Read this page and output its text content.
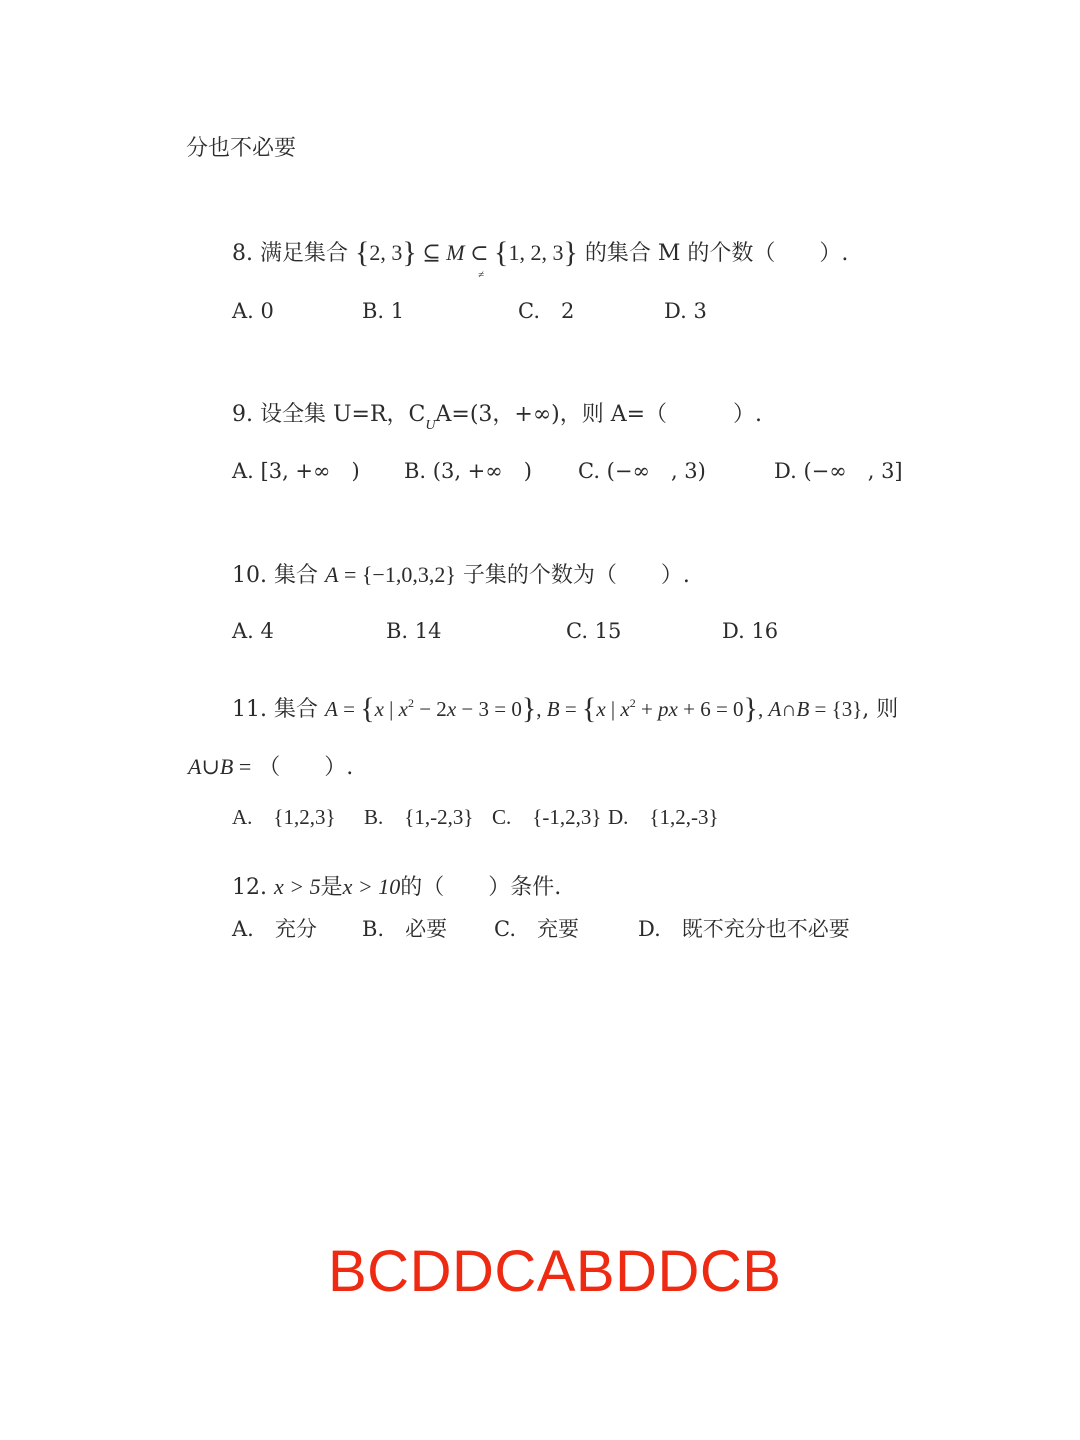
分也不必要
8. 满足集合 {2, 3} ⊆ M ⊂
≠
{1, 2, 3} 的集合 M 的个数（　　）.
A. 0	B. 1	C.　2	D. 3
9. 设全集 U=R，$C_UA=(3$，+∞)，则 A=（　　　）.
A. [3, +∞　) B. (3, +∞　) C. (−∞　, 3)	D. (−∞　, 3]
10. 集合 A = {−1,0,3,2} 子集的个数为（　　）.
A. 4	B. 14	C. 15	D. 16
11. 集合 A = {x | $x^2 - 2x - 3 = 0$}, B = {x | $x^2$ + px + 6 = 0}, A∩B = {3}, 则
A∪B = （　　）.
A.　{1,2,3} B.　{1,-2,3} C.　{-1,2,3} D.　{1,2,-3}
12. x > 5是x > 10的（　　）条件.
A.　充分 B.　必要 C.　充要	D.　既不充分也不必要
BCDDCABDDCB
